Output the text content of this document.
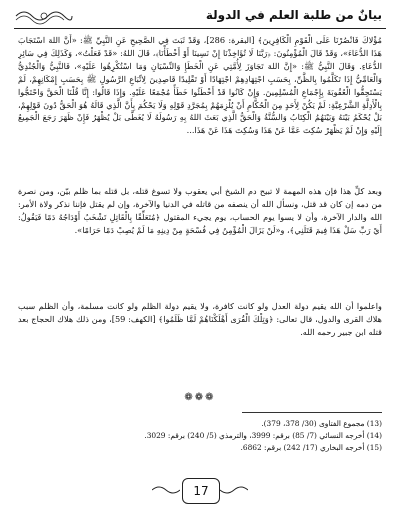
بيانٌ من طلبة العلم في الدولة

مُؤْلاكَ فَانْصُرْنَا عَلَى الْقَوْمِ الْكَافِرِينَ﴾ [البقرة: 286]، وَقَدْ ثَبَتَ فِي الصَّحِيحِ عَنِ النَّبِيِّ ﷺ: «أَنَّ اللهَ اسْتَجَابَ هَذَا الدُّعَاءَ»، وَقَدْ قَالَ الْمُؤْمِنُونَ: ﴿رَبَّنَا لَا تُؤَاخِذْنَا إِنْ نَسِينَا أَوْ أَخْطَأْنَا﴾، قَالَ اللهُ: «قَدْ فَعَلْتُ»، وَكَذَلِكَ فِي سَائِرِ الدُّعَاءِ. وَقَالَ النَّبِيُّ ﷺ: «إِنَّ اللهَ تَجَاوَزَ لِأُمَّتِي عَنِ الْخَطَإِ وَالنِّسْيَانِ وَمَا اسْتُكْرِهُوا عَلَيْهِ»، فَالنَّبِيُّ وَالْجُنْدِيُّ وَالْعَامِّيُّ إِذَا تَكَلَّمُوا بِالظَّنِّ، بِحَسَبِ اجْتِهَادِهِمْ اجْتِهَادًا أَوْ تَقْلِيدًا قَاصِدِينَ لِاتِّبَاعِ الرَّسُولِ ﷺ بِحَسَبِ إِمْكَانِهِمْ، لَمْ يَسْتَحِقُّوا الْعُقُوبَةَ بِإِجْمَاعِ الْمُسْلِمِينَ. وَإِنْ كَانُوا قَدْ أَخْطَئُوا خَطَأً مُجْمَعًا عَلَيْهِ. وَإِذَا قَالُوا: إِنَّا قُلْنَا الْحَقَّ وَاحْتَجُّوا بِالْأَدِلَّةِ الشَّرْعِيَّةِ: لَمْ يَكُنْ لِأَحَدٍ مِنَ الْحُكَّامِ أَنْ يُلْزِمَهُمْ بِمُجَرَّدِ قَوْلِهِ وَلَا يَحْكُمَ بِأَنَّ الَّذِي قَالَهُ هُوَ الْحَقُّ دُونَ قَوْلِهِمْ، بَلْ يُحْكَمُ بَيْنَهُ وَبَيْنَهُمُ الْكِتَابُ وَالسُّنَّةُ وَالْحَقُّ الَّذِي بَعَثَ اللهُ بِهِ رَسُولَهُ لَا يُغَطَّى بَلْ يُظْهَرُ فَإِنْ ظَهَرَ رَجَعَ الْجَمِيعُ إِلَيْهِ وَإِنْ لَمْ يَظْهَرْ سُكِتَ عَمَّا عَنْ هَذَا وَسُكِتَ هَذَا عَنْ هَذَا...

وبعد كلِّ هذا فإن هذه المهمة لا تبيح دم الشيخ أبي يعقوب ولا تسوغ قتله، بل قتله بما ظلم بيّن، ومن نصرة من دمه إن كان قد قتل، ونسأل الله أن ينصفه من قاتله في الدنيا والآخرة، وإن لم يقتل فإننا نذكر ولاة الأمر: الله والدار الآخرة، وأن لا يسوا يوم الحساب، يوم يجيء المقتول ﴿مُتَعَلِّقًا بِالْقَاتِلِ تَشْخَبُ أَوْدَاجُهُ دَمًا فَيَقُولُ: أَيْ رَبِّ سَلْ هَذَا فِيمَ قَتَلَنِي﴾، و«لَنْ يَزَالَ الْمُؤْمِنُ فِي فُسْحَةٍ مِنْ دِينِهِ مَا لَمْ يُصِبْ دَمًا حَرَامًا».

واعلموا أن الله يقيم دولة العدل ولو كانت كافرة، ولا يقيم دولة الظلم ولو كانت مسلمة، وأن الظلم سبب هلاك القرى والدول، قال تعالى: ﴿وَتِلْكَ الْقُرَى أَهْلَكْنَاهُمْ لَمَّا ظَلَمُوا﴾ [الكهف: 59]، ومن ذلك هلاك الحجاج بعد قتله ابن جبير رحمه الله.

❁❁❁
(13) مجموع الفتاوى (30/ 378، 379).
(14) أخرجه النسائي (7/ 85) برقم: 3999، والترمذي (5/ 240) برقم: 3029.
(15) أخرجه البخاري (17/ 242) برقم: 6862.
17
